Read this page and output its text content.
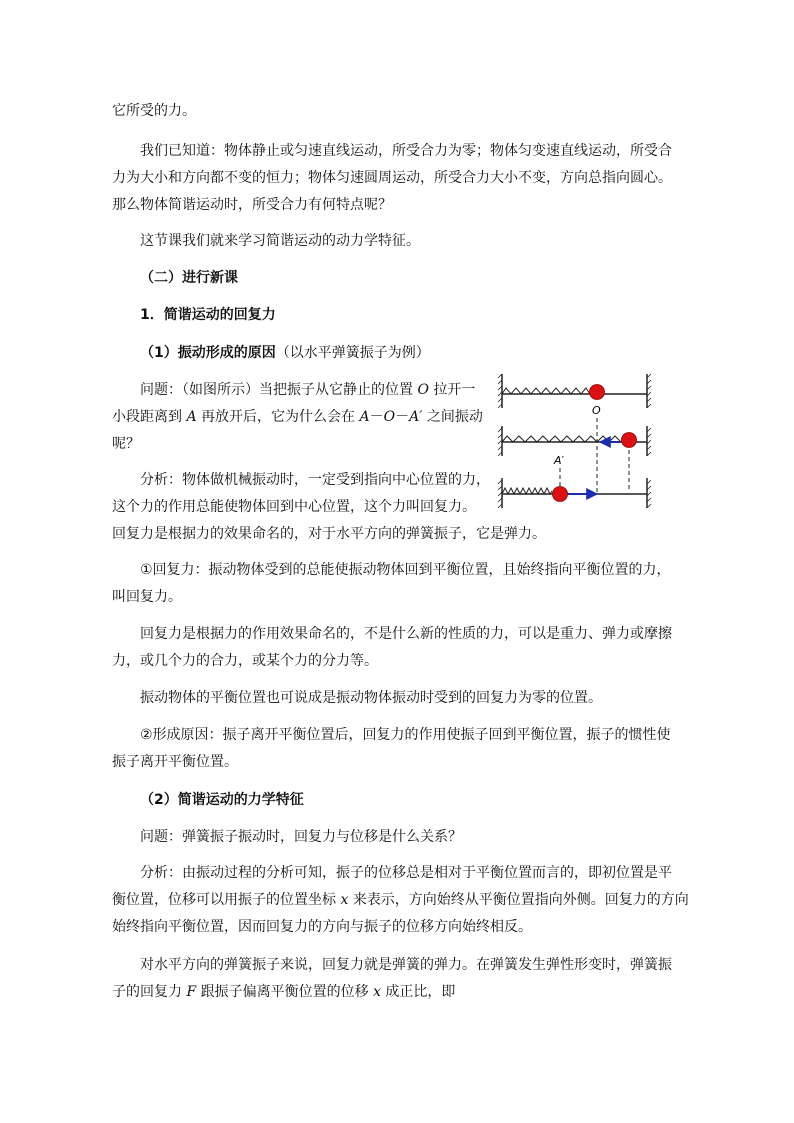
它所受的力。
我们已知道：物体静止或匀速直线运动，所受合力为零；物体匀变速直线运动，所受合
力为大小和方向都不变的恒力；物体匀速圆周运动，所受合力大小不变，方向总指向圆心。
那么物体简谐运动时，所受合力有何特点呢？
这节课我们就来学习简谐运动的动力学特征。
（二）进行新课
1．简谐运动的回复力
（1）振动形成的原因（以水平弹簧振子为例）
问题：（如图所示）当把振子从它静止的位置 O 拉开一
小段距离到 A 再放开后，它为什么会在 A－O－A′ 之间振动
呢？
分析：物体做机械振动时，一定受到指向中心位置的力，
这个力的作用总能使物体回到中心位置，这个力叫回复力。
回复力是根据力的效果命名的，对于水平方向的弹簧振子，它是弹力。
①回复力：振动物体受到的总能使振动物体回到平衡位置，且始终指向平衡位置的力，
叫回复力。
回复力是根据力的作用效果命名的，不是什么新的性质的力，可以是重力、弹力或摩擦
力，或几个力的合力，或某个力的分力等。
振动物体的平衡位置也可说成是振动物体振动时受到的回复力为零的位置。
②形成原因：振子离开平衡位置后，回复力的作用使振子回到平衡位置，振子的惯性使
振子离开平衡位置。
（2）简谐运动的力学特征
问题：弹簧振子振动时，回复力与位移是什么关系？
分析：由振动过程的分析可知，振子的位移总是相对于平衡位置而言的，即初位置是平
衡位置，位移可以用振子的位置坐标 x 来表示，方向始终从平衡位置指向外侧。回复力的方向
始终指向平衡位置，因而回复力的方向与振子的位移方向始终相反。
对水平方向的弹簧振子来说，回复力就是弹簧的弹力。在弹簧发生弹性形变时，弹簧振
子的回复力 F 跟振子偏离平衡位置的位移 x 成正比，即
O
A′
